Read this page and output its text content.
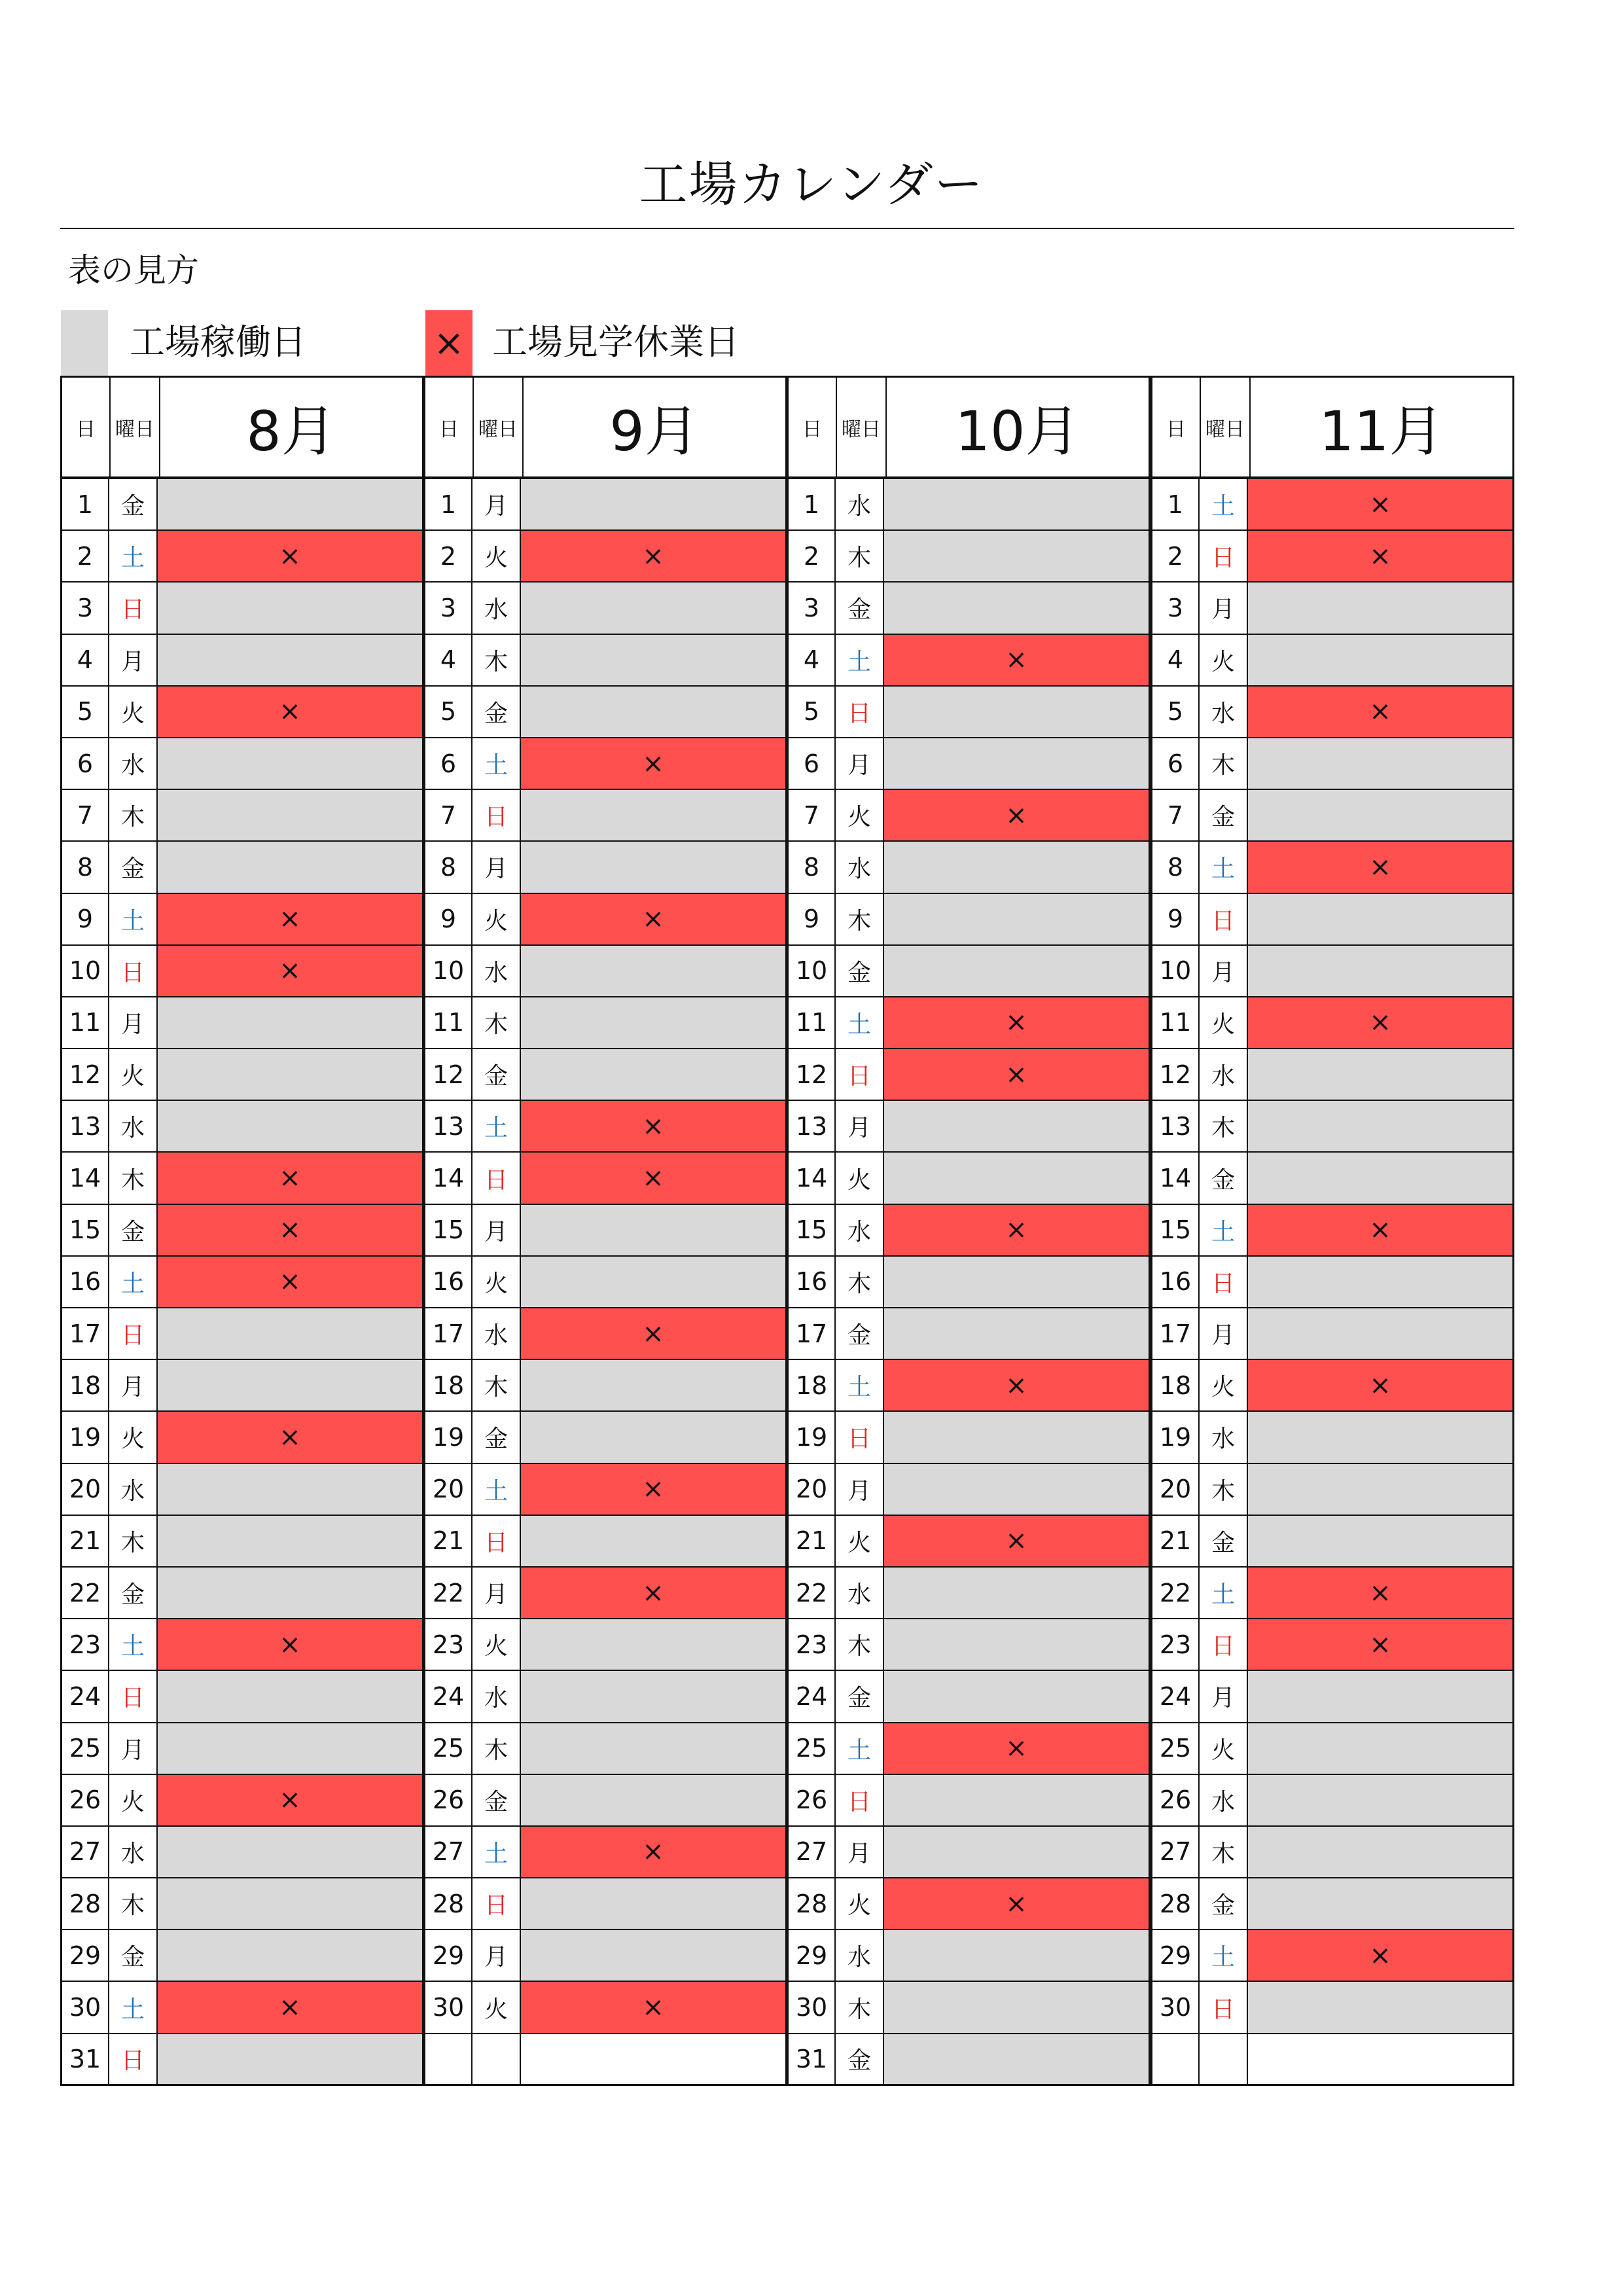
工場カレンダー
表の見方
工場稼働日	× 工場見学休業日
日	曜日	8月
1	金
2	土	×
3	日
4	月
5	火	×
6	水
7	木
8	金
9	土	×
10 日	×
11 月
12 火
13 水
14 木	×
15 金	×
16 土	×
17 日
18 月
19 火	×
20 水
21 木
22 金
23 土	×
24 日
25 月
26 火	×
27 水
28 木
29 金
30 土	×
31 日
日	曜日	9月
1	月
2	火	×
3	水
4	木
5	金
6	土	×
7	日
8	月
9	火	×
10 水
11 木
12 金
13 土	×
14 日	×
15 月
16 火
17 水	×
18 木
19 金
20 土	×
21 日
22 月	×
23 火
24 水
25 木
26 金
27 土	×
28 日
29 月
30 火	×
日	曜日	10月
1	水
2	木
3	金
4	土	×
5	日
6	月
7	火	×
8	水
9	木
10 金
11 土	×
12 日	×
13 月
14 火
15 水	×
16 木
17 金
18 土	×
19 日
20 月
21 火	×
22 水
23 木
24 金
25 土	×
26 日
27 月
28 火	×
29 水
30 木
31 金
日	曜日	11月
1	土	×
2	日	×
3	月
4	火
5	水	×
6	木
7	金
8	土	×
9	日
10 月
11 火	×
12 水
13 木
14 金
15 土	×
16 日
17 月
18 火	×
19 水
20 木
21 金
22 土	×
23 日	×
24 月
25 火
26 水
27 木
28 金
29 土	×
30 日
